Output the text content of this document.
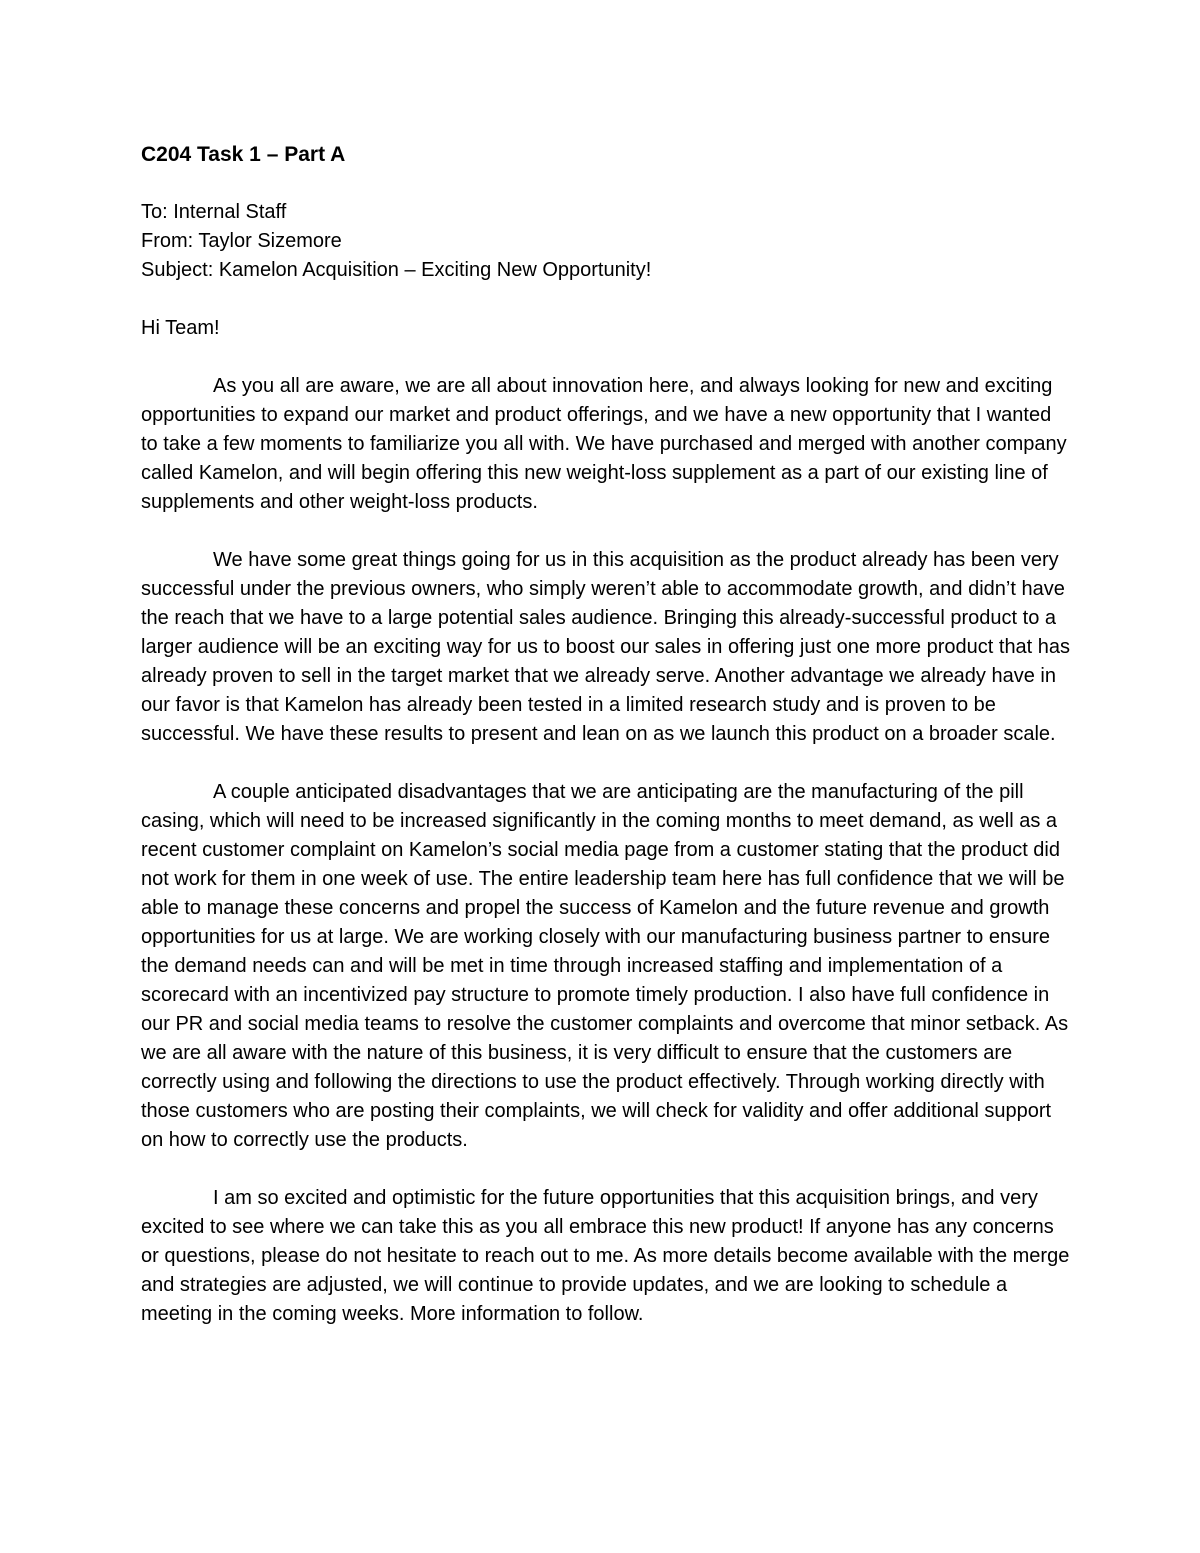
C204 Task 1 – Part A

To: Internal Staff

From: Taylor Sizemore

Subject: Kamelon Acquisition – Exciting New Opportunity!

Hi Team!

As you all are aware, we are all about innovation here, and always looking for new and exciting opportunities to expand our market and product offerings, and we have a new opportunity that I wanted to take a few moments to familiarize you all with. We have purchased and merged with another company called Kamelon, and will begin offering this new weight-loss supplement as a part of our existing line of supplements and other weight-loss products.

We have some great things going for us in this acquisition as the product already has been very successful under the previous owners, who simply weren’t able to accommodate growth, and didn’t have the reach that we have to a large potential sales audience. Bringing this already-successful product to a larger audience will be an exciting way for us to boost our sales in offering just one more product that has already proven to sell in the target market that we already serve. Another advantage we already have in our favor is that Kamelon has already been tested in a limited research study and is proven to be successful. We have these results to present and lean on as we launch this product on a broader scale.

A couple anticipated disadvantages that we are anticipating are the manufacturing of the pill casing, which will need to be increased significantly in the coming months to meet demand, as well as a recent customer complaint on Kamelon’s social media page from a customer stating that the product did not work for them in one week of use. The entire leadership team here has full confidence that we will be able to manage these concerns and propel the success of Kamelon and the future revenue and growth opportunities for us at large. We are working closely with our manufacturing business partner to ensure the demand needs can and will be met in time through increased staffing and implementation of a scorecard with an incentivized pay structure to promote timely production. I also have full confidence in our PR and social media teams to resolve the customer complaints and overcome that minor setback. As we are all aware with the nature of this business, it is very difficult to ensure that the customers are correctly using and following the directions to use the product effectively. Through working directly with those customers who are posting their complaints, we will check for validity and offer additional support on how to correctly use the products.

I am so excited and optimistic for the future opportunities that this acquisition brings, and very excited to see where we can take this as you all embrace this new product! If anyone has any concerns or questions, please do not hesitate to reach out to me. As more details become available with the merge and strategies are adjusted, we will continue to provide updates, and we are looking to schedule a meeting in the coming weeks. More information to follow.
